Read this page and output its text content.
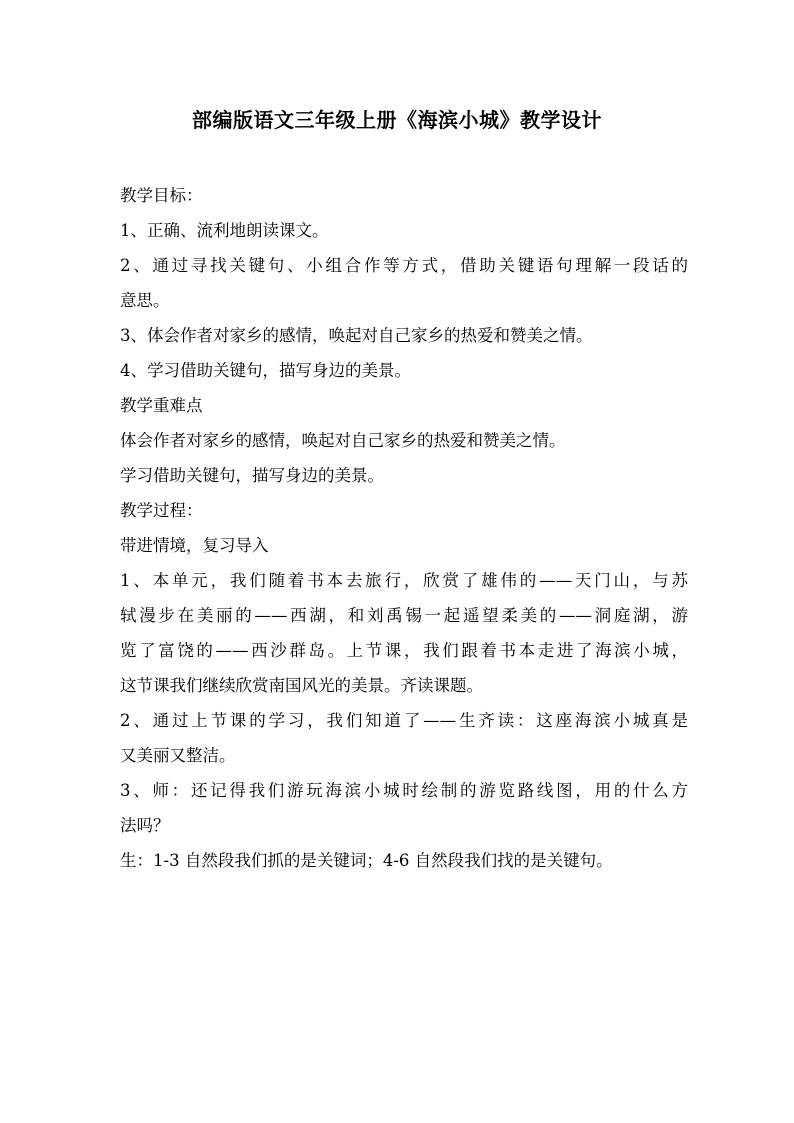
部编版语文三年级上册《海滨小城》教学设计
教学目标：
1、正确、流利地朗读课文。
2、通过寻找关键句、小组合作等方式，借助关键语句理解一段话的
意思。
3、体会作者对家乡的感情，唤起对自己家乡的热爱和赞美之情。
4、学习借助关键句，描写身边的美景。
教学重难点
体会作者对家乡的感情，唤起对自己家乡的热爱和赞美之情。
学习借助关键句，描写身边的美景。
教学过程：
带进情境，复习导入
1、本单元，我们随着书本去旅行，欣赏了雄伟的——天门山，与苏
轼漫步在美丽的——西湖，和刘禹锡一起遥望柔美的——洞庭湖，游
览了富饶的——西沙群岛。上节课，我们跟着书本走进了海滨小城，
这节课我们继续欣赏南国风光的美景。齐读课题。
2、通过上节课的学习，我们知道了——生齐读：这座海滨小城真是
又美丽又整洁。
3、师：还记得我们游玩海滨小城时绘制的游览路线图，用的什么方
法吗？
生：1-3 自然段我们抓的是关键词；4-6 自然段我们找的是关键句。
